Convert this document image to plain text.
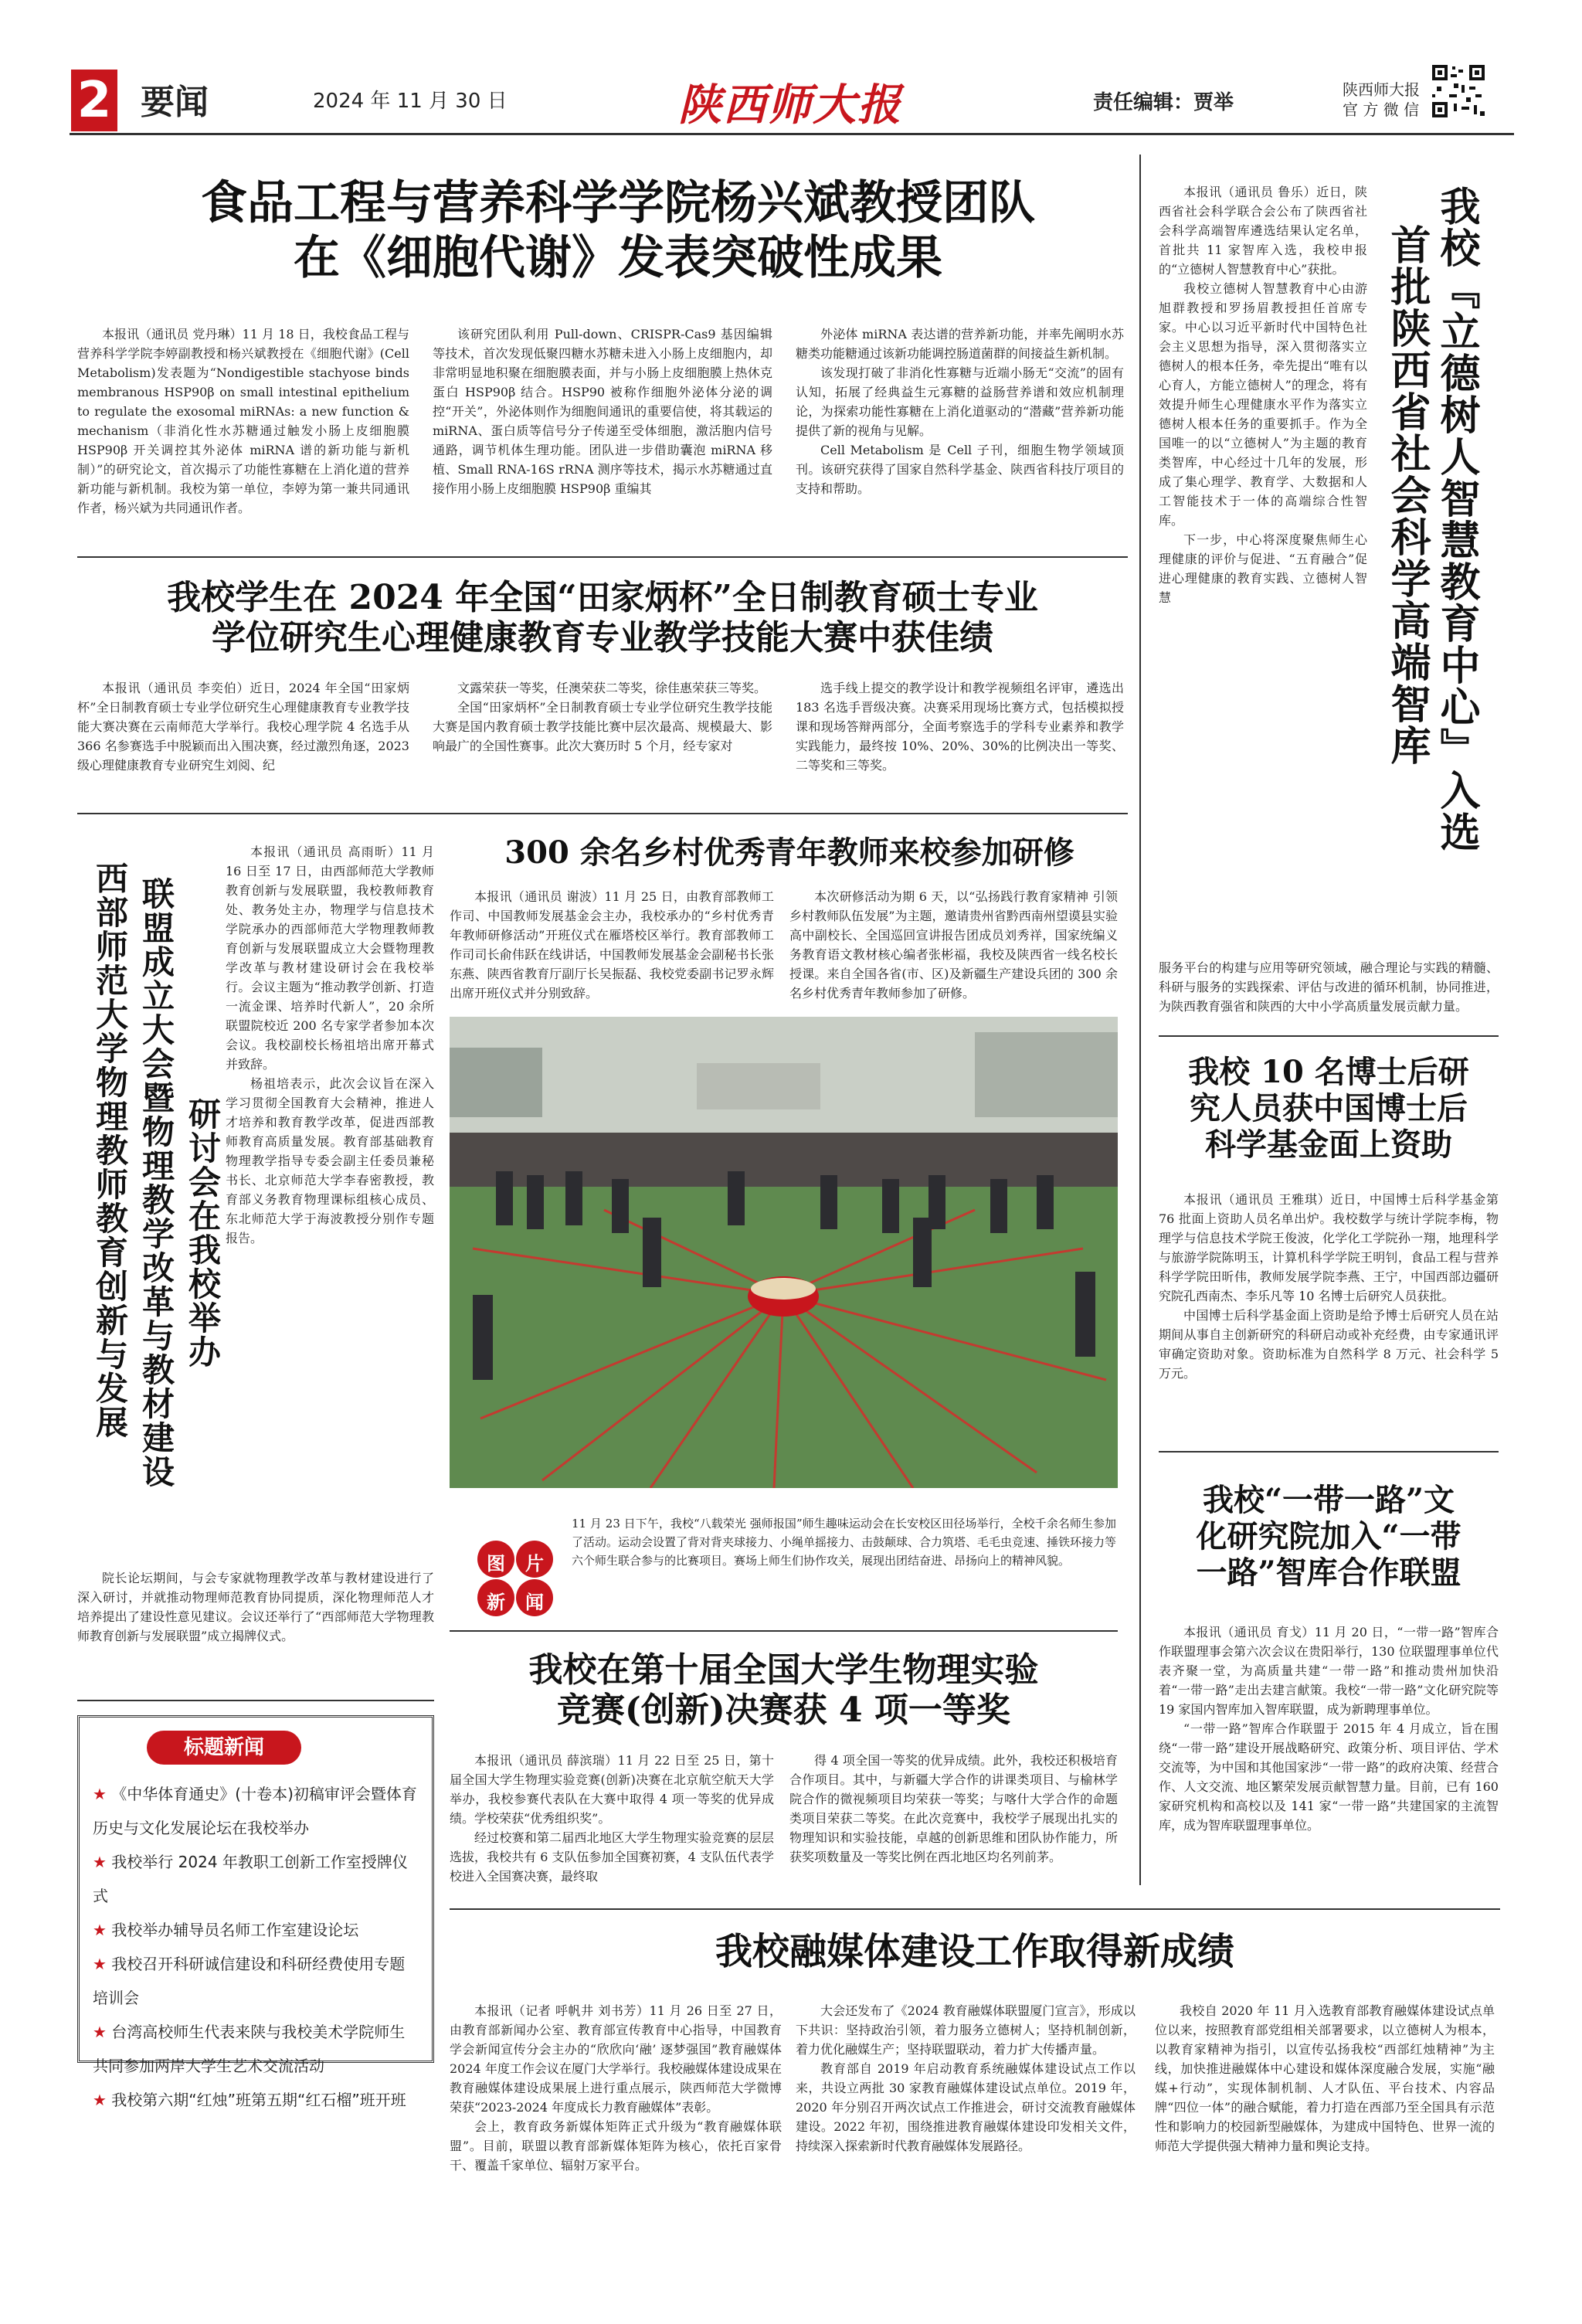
2 要闻	2024 年 11 月 30 日	陕西师大报	责任编辑：贾举
陕西师大报
官 方 微 信
食品工程与营养科学学院杨兴斌教授团队
在《细胞代谢》发表突破性成果

本报讯（通讯员 党丹琳）11 月 18 日，我校食品工程与营养科学学院李婷副教授和杨兴斌教授在《细胞代谢》(Cell Metabolism)发表题为“Nondigestible stachyose binds membranous HSP90β on small intestinal epithelium to regulate the exosomal miRNAs: a new function & mechanism（非消化性水苏糖通过触发小肠上皮细胞膜 HSP90β 开关调控其外泌体 miRNA 谱的新功能与新机制）”的研究论文，首次揭示了功能性寡糖在上消化道的营养新功能与新机制。我校为第一单位，李婷为第一兼共同通讯作者，杨兴斌为共同通讯作者。

该研究团队利用 Pull-down、CRISPR-Cas9 基因编辑等技术，首次发现低聚四糖水苏糖未进入小肠上皮细胞内，却非常明显地积聚在细胞膜表面，并与小肠上皮细胞膜上热休克蛋白 HSP90β 结合。HSP90 被称作细胞外泌体分泌的调控“开关”，外泌体则作为细胞间通讯的重要信使，将其载运的 miRNA、蛋白质等信号分子传递至受体细胞，激活胞内信号通路，调节机体生理功能。团队进一步借助囊泡 miRNA 移植、Small RNA-16S rRNA 测序等技术，揭示水苏糖通过直接作用小肠上皮细胞膜 HSP90β 重编其

外泌体 miRNA 表达谱的营养新功能，并率先阐明水苏糖类功能糖通过该新功能调控肠道菌群的间接益生新机制。

该发现打破了非消化性寡糖与近端小肠无“交流”的固有认知，拓展了经典益生元寡糖的益肠营养谱和效应机制理论，为探索功能性寡糖在上消化道驱动的“潜藏”营养新功能提供了新的视角与见解。

Cell Metabolism 是 Cell 子刊，细胞生物学领域顶刊。该研究获得了国家自然科学基金、陕西省科技厅项目的支持和帮助。

我校学生在 2024 年全国“田家炳杯”全日制教育硕士专业
学位研究生心理健康教育专业教学技能大赛中获佳绩

本报讯（通讯员 李奕伯）近日，2024 年全国“田家炳杯”全日制教育硕士专业学位研究生心理健康教育专业教学技能大赛决赛在云南师范大学举行。我校心理学院 4 名选手从 366 名参赛选手中脱颖而出入围决赛，经过激烈角逐，2023 级心理健康教育专业研究生刘阅、纪

文露荣获一等奖，任澳荣获二等奖，徐佳惠荣获三等奖。

全国“田家炳杯”全日制教育硕士专业学位研究生教学技能大赛是国内教育硕士教学技能比赛中层次最高、规模最大、影响最广的全国性赛事。此次大赛历时 5 个月，经专家对

选手线上提交的教学设计和教学视频组名评审，遴选出 183 名选手晋级决赛。决赛采用现场比赛方式，包括模拟授课和现场答辩两部分，全面考察选手的学科专业素养和教学实践能力，最终按 10%、20%、30%的比例决出一等奖、二等奖和三等奖。

西部师范大学物理教师教育创新与发展 联盟成立大会暨物理教学改革与教材建设 研讨会在我校举办

本报讯（通讯员 高雨昕）11 月 16 日至 17 日，由西部师范大学教师教育创新与发展联盟，我校教师教育处、教务处主办，物理学与信息技术学院承办的西部师范大学物理教师教育创新与发展联盟成立大会暨物理教学改革与教材建设研讨会在我校举行。会议主题为“推动教学创新、打造一流金课、培养时代新人”，20 余所联盟院校近 200 名专家学者参加本次会议。我校副校长杨祖培出席开幕式并致辞。

杨祖培表示，此次会议旨在深入学习贯彻全国教育大会精神，推进人才培养和教育教学改革，促进西部教师教育高质量发展。教育部基础教育物理教学指导专委会副主任委员兼秘书长、北京师范大学李春密教授，教育部义务教育物理课标组核心成员、东北师范大学于海波教授分别作专题报告。

院长论坛期间，与会专家就物理教学改革与教材建设进行了深入研讨，并就推动物理师范教育协同提质，深化物理师范人才培养提出了建设性意见建议。会议还举行了“西部师范大学物理教师教育创新与发展联盟”成立揭牌仪式。

300 余名乡村优秀青年教师来校参加研修

本报讯（通讯员 谢波）11 月 25 日，由教育部教师工作司、中国教师发展基金会主办，我校承办的“乡村优秀青年教师研修活动”开班仪式在雁塔校区举行。教育部教师工作司司长俞伟跃在线讲话，中国教师发展基金会副秘书长张东燕、陕西省教育厅副厅长吴振磊、我校党委副书记罗永辉出席开班仪式并分别致辞。

本次研修活动为期 6 天，以“弘扬践行教育家精神 引领乡村教师队伍发展”为主题，邀请贵州省黔西南州望谟县实验高中副校长、全国巡回宣讲报告团成员刘秀祥，国家统编义务教育语文教材核心编者张彬福，我校及陕西省一线名校长授课。来自全国各省(市、区)及新疆生产建设兵团的 300 余名乡村优秀青年教师参加了研修。

图 片
新 闻
11 月 23 日下午，我校“八载荣光 强师报国”师生趣味运动会在长安校区田径场举行，全校千余名师生参加了活动。运动会设置了背对背夹球接力、小绳单摇接力、击鼓颠球、合力筑塔、毛毛虫竞速、捶铁环接力等六个师生联合参与的比赛项目。赛场上师生们协作攻关，展现出团结奋进、昂扬向上的精神风貌。
我校在第十届全国大学生物理实验
竞赛(创新)决赛获 4 项一等奖

本报讯（通讯员 薛滨瑞）11 月 22 日至 25 日，第十届全国大学生物理实验竞赛(创新)决赛在北京航空航天大学举办，我校参赛代表队在大赛中取得 4 项一等奖的优异成绩。学校荣获“优秀组织奖”。

经过校赛和第二届西北地区大学生物理实验竞赛的层层选拔，我校共有 6 支队伍参加全国赛初赛，4 支队伍代表学校进入全国赛决赛，最终取

得 4 项全国一等奖的优异成绩。此外，我校还积极培育合作项目。其中，与新疆大学合作的讲课类项目、与榆林学院合作的微视频项目均荣获一等奖；与喀什大学合作的命题类项目荣获二等奖。在此次竞赛中，我校学子展现出扎实的物理知识和实验技能，卓越的创新思维和团队协作能力，所获奖项数量及一等奖比例在西北地区均名列前茅。

标题新闻
★ 《中华体育通史》(十卷本)初稿审评会暨体育历史与文化发展论坛在我校举办
★ 我校举行 2024 年教职工创新工作室授牌仪式
★ 我校举办辅导员名师工作室建设论坛
★ 我校召开科研诚信建设和科研经费使用专题培训会
★ 台湾高校师生代表来陕与我校美术学院师生共同参加两岸大学生艺术交流活动
★ 我校第六期“红烛”班第五期“红石榴”班开班
我校融媒体建设工作取得新成绩

本报讯（记者 呼帆井 刘书芳）11 月 26 日至 27 日，由教育部新闻办公室、教育部宣传教育中心指导，中国教育学会新闻宣传分会主办的“欣欣向‘融’ 逐梦强国”教育融媒体 2024 年度工作会议在厦门大学举行。我校融媒体建设成果在教育融媒体建设成果展上进行重点展示，陕西师范大学微博荣获“2023-2024 年度成长力教育融媒体”表彰。

会上，教育政务新媒体矩阵正式升级为“教育融媒体联盟”。目前，联盟以教育部新媒体矩阵为核心，依托百家骨干、覆盖千家单位、辐射万家平台。

大会还发布了《2024 教育融媒体联盟厦门宣言》，形成以下共识：坚持政治引领，着力服务立德树人；坚持机制创新，着力优化融媒生产；坚持联盟联动，着力扩大传播声量。

教育部自 2019 年启动教育系统融媒体建设试点工作以来，共设立两批 30 家教育融媒体建设试点单位。2019 年，2020 年分别召开两次试点工作推进会，研讨交流教育融媒体建设。2022 年初，围绕推进教育融媒体建设印发相关文件，持续深入探索新时代教育融媒体发展路径。

我校自 2020 年 11 月入选教育部教育融媒体建设试点单位以来，按照教育部党组相关部署要求，以立德树人为根本，以教育家精神为指引，以宣传弘扬我校“西部红烛精神”为主线，加快推进融媒体中心建设和媒体深度融合发展，实施“融媒+行动”，实现体制机制、人才队伍、平台技术、内容品牌“四位一体”的融合赋能，着力打造在西部乃至全国具有示范性和影响力的校园新型融媒体，为建成中国特色、世界一流的师范大学提供强大精神力量和舆论支持。

本报讯（通讯员 鲁乐）近日，陕西省社会科学联合会公布了陕西省社会科学高端智库遴选结果认定名单，首批共 11 家智库入选，我校申报的“立德树人智慧教育中心”获批。

我校立德树人智慧教育中心由游旭群教授和罗扬眉教授担任首席专家。中心以习近平新时代中国特色社会主义思想为指导，深入贯彻落实立德树人的根本任务，牵先提出“唯有以心育人，方能立德树人”的理念，将有效提升师生心理健康水平作为落实立德树人根本任务的重要抓手。作为全国唯一的以“立德树人”为主题的教育类智库，中心经过十几年的发展，形成了集心理学、教育学、大数据和人工智能技术于一体的高端综合性智库。

下一步，中心将深度聚焦师生心理健康的评价与促进、“五育融合”促进心理健康的教育实践、立德树人智慧	我校『立德树人智慧教育中心』入选
首批陕西省社会科学高端智库

服务平台的构建与应用等研究领域，融合理论与实践的精髓、科研与服务的实践探索、评估与改进的循环机制，协同推进，为陕西教育强省和陕西的大中小学高质量发展贡献力量。

我校 10 名博士后研
究人员获中国博士后
科学基金面上资助

本报讯（通讯员 王雅琪）近日，中国博士后科学基金第 76 批面上资助人员名单出炉。我校数学与统计学院李梅，物理学与信息技术学院王俊波，化学化工学院孙一翔，地理科学与旅游学院陈明玉，计算机科学学院王明钊，食品工程与营养科学学院田昕伟，教师发展学院李燕、王宁，中国西部边疆研究院孔西南杰、李乐凡等 10 名博士后研究人员获批。

中国博士后科学基金面上资助是给予博士后研究人员在站期间从事自主创新研究的科研启动或补充经费，由专家通讯评审确定资助对象。资助标准为自然科学 8 万元、社会科学 5 万元。

我校“一带一路”文
化研究院加入“一带
一路”智库合作联盟

本报讯（通讯员 育戈）11 月 20 日，“一带一路”智库合作联盟理事会第六次会议在贵阳举行，130 位联盟理事单位代表齐聚一堂，为高质量共建“一带一路”和推动贵州加快沿着“一带一路”走出去建言献策。我校“一带一路”文化研究院等 19 家国内智库加入智库联盟，成为新聘理事单位。

“一带一路”智库合作联盟于 2015 年 4 月成立，旨在围绕“一带一路”建设开展战略研究、政策分析、项目评估、学术交流等，为中国和其他国家涉“一带一路”的政府决策、经营合作、人文交流、地区繁荣发展贡献智慧力量。目前，已有 160 家研究机构和高校以及 141 家“一带一路”共建国家的主流智库，成为智库联盟理事单位。
